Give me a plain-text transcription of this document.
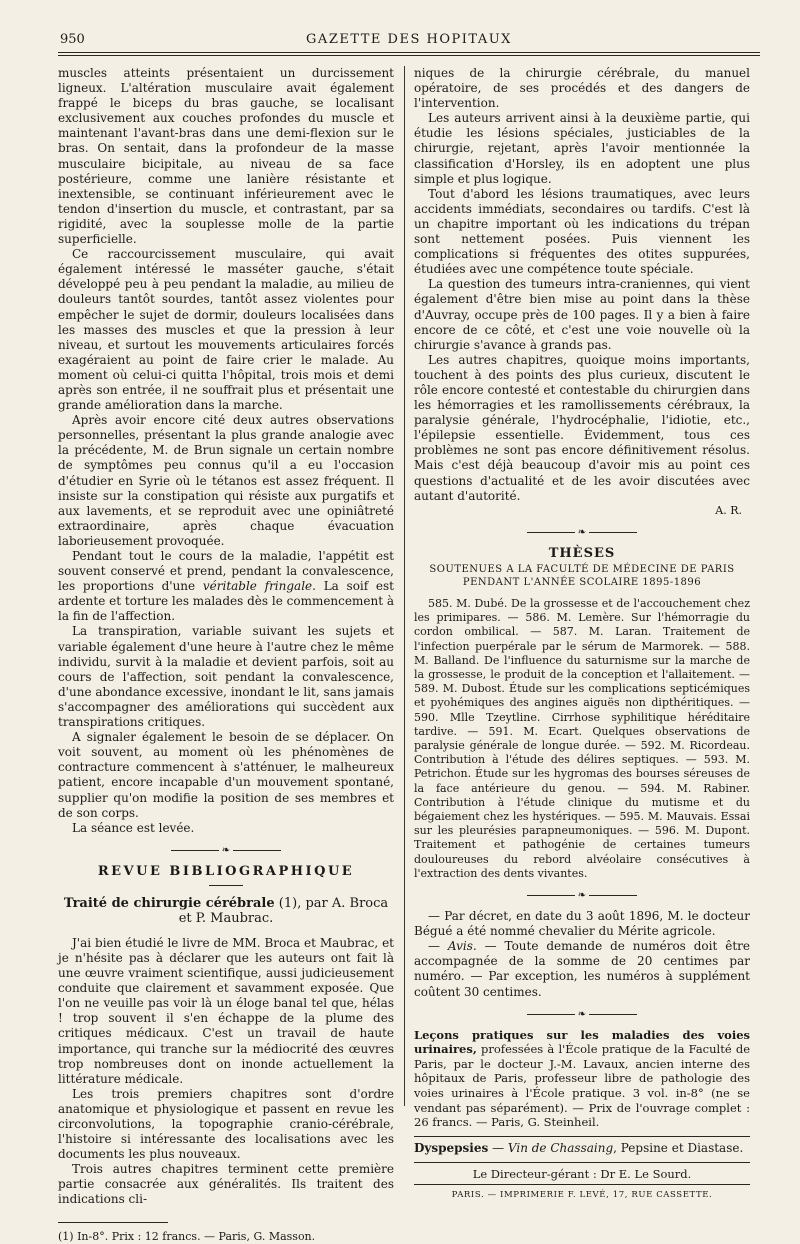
950	GAZETTE DES HOPITAUX

muscles atteints présentaient un durcissement ligneux. L'altération musculaire avait également frappé le biceps du bras gauche, se localisant exclusivement aux couches profondes du muscle et maintenant l'avant-bras dans une demi-flexion sur le bras. On sentait, dans la profondeur de la masse musculaire bicipitale, au niveau de sa face postérieure, comme une lanière résistante et inextensible, se continuant inférieurement avec le tendon d'insertion du muscle, et contrastant, par sa rigidité, avec la souplesse molle de la partie superficielle.

Ce raccourcissement musculaire, qui avait également intéressé le masséter gauche, s'était développé peu à peu pendant la maladie, au milieu de douleurs tantôt sourdes, tantôt assez violentes pour empêcher le sujet de dormir, douleurs localisées dans les masses des muscles et que la pression à leur niveau, et surtout les mouvements articulaires forcés exagéraient au point de faire crier le malade. Au moment où celui-ci quitta l'hôpital, trois mois et demi après son entrée, il ne souffrait plus et présentait une grande amélioration dans la marche.

Après avoir encore cité deux autres observations personnelles, présentant la plus grande analogie avec la précédente, M. de Brun signale un certain nombre de symptômes peu connus qu'il a eu l'occasion d'étudier en Syrie où le tétanos est assez fréquent. Il insiste sur la constipation qui résiste aux purgatifs et aux lavements, et se reproduit avec une opiniâtreté extraordinaire, après chaque évacuation laborieusement provoquée.

Pendant tout le cours de la maladie, l'appétit est souvent conservé et prend, pendant la convalescence, les proportions d'une véritable fringale. La soif est ardente et torture les malades dès le commencement à la fin de l'affection.

La transpiration, variable suivant les sujets et variable également d'une heure à l'autre chez le même individu, survit à la maladie et devient parfois, soit au cours de l'affection, soit pendant la convalescence, d'une abondance excessive, inondant le lit, sans jamais s'accompagner des améliorations qui succèdent aux transpirations critiques.

A signaler également le besoin de se déplacer. On voit souvent, au moment où les phénomènes de contracture commencent à s'atténuer, le malheureux patient, encore incapable d'un mouvement spontané, supplier qu'on modifie la position de ses membres et de son corps.

La séance est levée.

❧
REVUE BIBLIOGRAPHIQUE
Traité de chirurgie cérébrale (1), par A. Broca
et P. Maubrac.

J'ai bien étudié le livre de MM. Broca et Maubrac, et je n'hésite pas à déclarer que les auteurs ont fait là une œuvre vraiment scientifique, aussi judicieusement conduite que clairement et savamment exposée. Que l'on ne veuille pas voir là un éloge banal tel que, hélas ! trop souvent il s'en échappe de la plume des critiques médicaux. C'est un travail de haute importance, qui tranche sur la médiocrité des œuvres trop nombreuses dont on inonde actuellement la littérature médicale.

Les trois premiers chapitres sont d'ordre anatomique et physiologique et passent en revue les circonvolutions, la topographie cranio-cérébrale, l'histoire si intéressante des localisations avec les documents les plus nouveaux.

Trois autres chapitres terminent cette première partie consacrée aux généralités. Ils traitent des indications cli-

(1) In-8°. Prix : 12 francs. — Paris, G. Masson.

niques de la chirurgie cérébrale, du manuel opératoire, de ses procédés et des dangers de l'intervention.

Les auteurs arrivent ainsi à la deuxième partie, qui étudie les lésions spéciales, justiciables de la chirurgie, rejetant, après l'avoir mentionnée la classification d'Horsley, ils en adoptent une plus simple et plus logique.

Tout d'abord les lésions traumatiques, avec leurs accidents immédiats, secondaires ou tardifs. C'est là un chapitre important où les indications du trépan sont nettement posées. Puis viennent les complications si fréquentes des otites suppurées, étudiées avec une compétence toute spéciale.

La question des tumeurs intra-craniennes, qui vient également d'être bien mise au point dans la thèse d'Auvray, occupe près de 100 pages. Il y a bien à faire encore de ce côté, et c'est une voie nouvelle où la chirurgie s'avance à grands pas.

Les autres chapitres, quoique moins importants, touchent à des points des plus curieux, discutent le rôle encore contesté et contestable du chirurgien dans les hémorragies et les ramollissements cérébraux, la paralysie générale, l'hydrocéphalie, l'idiotie, etc., l'épilepsie essentielle. Évidemment, tous ces problèmes ne sont pas encore définitivement résolus. Mais c'est déjà beaucoup d'avoir mis au point ces questions d'actualité et de les avoir discutées avec autant d'autorité.

A. R.
❧
THÈSES
SOUTENUES A LA FACULTÉ DE MÉDECINE DE PARIS
PENDANT L'ANNÉE SCOLAIRE 1895-1896

585. M. Dubé. De la grossesse et de l'accouchement chez les primipares. — 586. M. Lemère. Sur l'hémorragie du cordon ombilical. — 587. M. Laran. Traitement de l'infection puerpérale par le sérum de Marmorek. — 588. M. Balland. De l'influence du saturnisme sur la marche de la grossesse, le produit de la conception et l'allaitement. — 589. M. Dubost. Étude sur les complications septicémiques et pyohémiques des angines aiguës non dipthéritiques. — 590. Mlle Tzeytline. Cirrhose syphilitique héréditaire tardive. — 591. M. Ecart. Quelques observations de paralysie générale de longue durée. — 592. M. Ricordeau. Contribution à l'étude des délires septiques. — 593. M. Petrichon. Étude sur les hygromas des bourses séreuses de la face antérieure du genou. — 594. M. Rabiner. Contribution à l'étude clinique du mutisme et du bégaiement chez les hystériques. — 595. M. Mauvais. Essai sur les pleurésies parapneumoniques. — 596. M. Dupont. Traitement et pathogénie de certaines tumeurs douloureuses du rebord alvéolaire consécutives à l'extraction des dents vivantes.

❧

— Par décret, en date du 3 août 1896, M. le docteur Bégué a été nommé chevalier du Mérite agricole.

— Avis. — Toute demande de numéros doit être accompagnée de la somme de 20 centimes par numéro. — Par exception, les numéros à supplément coûtent 30 centimes.

❧

Leçons pratiques sur les maladies des voies urinaires, professées à l'École pratique de la Faculté de Paris, par le docteur J.-M. Lavaux, ancien interne des hôpitaux de Paris, professeur libre de pathologie des voies urinaires à l'École pratique. 3 vol. in-8° (ne se vendant pas séparément). — Prix de l'ouvrage complet : 26 francs. — Paris, G. Steinheil.

Dyspepsies — Vin de Chassaing, Pepsine et Diastase.

Le Directeur-gérant : Dr E. Le Sourd.
PARIS. — IMPRIMERIE F. LEVÉ, 17, RUE CASSETTE.
